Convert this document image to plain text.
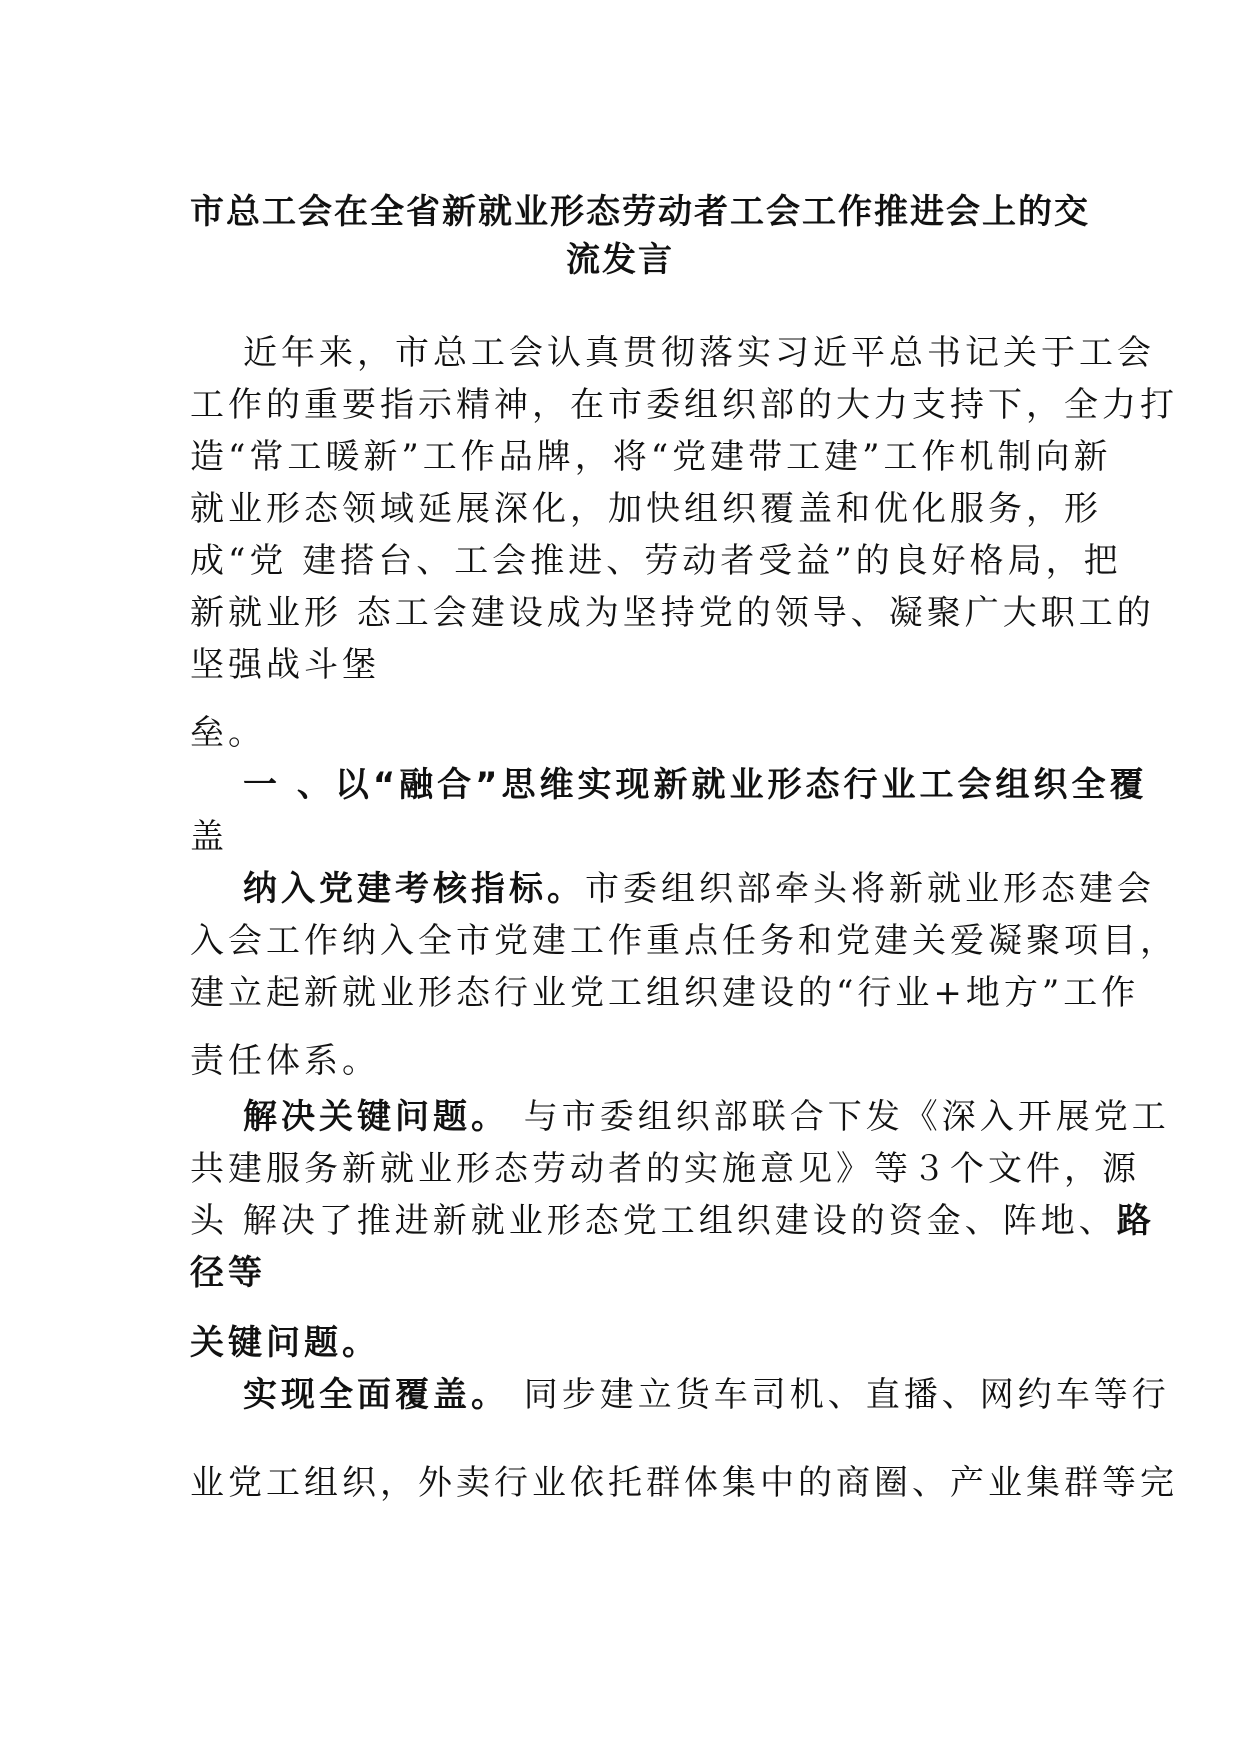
市总工会在全省新就业形态劳动者工会工作推进会上的交
流发言
近年来，市总工会认真贯彻落实习近平总书记关于工会
工作的重要指示精神，在市委组织部的大力支持下，全力打
造“常工暖新”工作品牌，将“党建带工建”工作机制向新
就业形态领域延展深化，加快组织覆盖和优化服务，形
成“党 建搭台、工会推进、劳动者受益”的良好格局，把
新就业形 态工会建设成为坚持党的领导、凝聚广大职工的
坚强战斗堡
垒。
一 、以“融合”思维实现新就业形态行业工会组织全覆
盖
纳入党建考核指标。市委组织部牵头将新就业形态建会
入会工作纳入全市党建工作重点任务和党建关爱凝聚项目，
建立起新就业形态行业党工组织建设的“行业+地方”工作
责任体系。
解决关键问题。 与市委组织部联合下发《深入开展党工
共建服务新就业形态劳动者的实施意见》等３个文件，源
头 解决了推进新就业形态党工组织建设的资金、阵地、路
径等
关键问题。
实现全面覆盖。 同步建立货车司机、直播、网约车等行
业党工组织，外卖行业依托群体集中的商圈、产业集群等完
